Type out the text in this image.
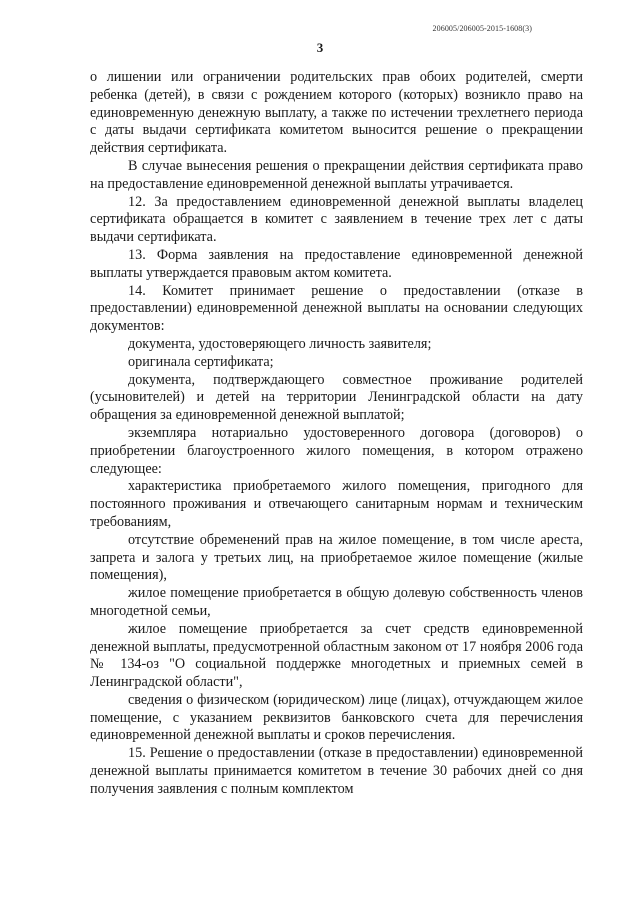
206005/206005-2015-1608(3)
3

о лишении или ограничении родительских прав обоих родителей, смерти ребенка (детей), в связи с рождением которого (которых) возникло право на единовременную денежную выплату, а также по истечении трехлетнего периода с даты выдачи сертификата комитетом выносится решение о прекращении действия сертификата.

В случае вынесения решения о прекращении действия сертификата право на предоставление единовременной денежной выплаты утрачивается.

12. За предоставлением единовременной денежной выплаты владелец сертификата обращается в комитет с заявлением в течение трех лет с даты выдачи сертификата.

13. Форма заявления на предоставление единовременной денежной выплаты утверждается правовым актом комитета.

14. Комитет принимает решение о предоставлении (отказе в предоставлении) единовременной денежной выплаты на основании следующих документов:

документа, удостоверяющего личность заявителя;

оригинала сертификата;

документа, подтверждающего совместное проживание родителей (усыновителей) и детей на территории Ленинградской области на дату обращения за единовременной денежной выплатой;

экземпляра нотариально удостоверенного договора (договоров) о приобретении благоустроенного жилого помещения, в котором отражено следующее:

характеристика приобретаемого жилого помещения, пригодного для постоянного проживания и отвечающего санитарным нормам и техническим требованиям,

отсутствие обременений прав на жилое помещение, в том числе ареста, запрета и залога у третьих лиц, на приобретаемое жилое помещение (жилые помещения),

жилое помещение приобретается в общую долевую собственность членов многодетной семьи,

жилое помещение приобретается за счет средств единовременной денежной выплаты, предусмотренной областным законом от 17 ноября 2006 года № 134-оз "О социальной поддержке многодетных и приемных семей в Ленинградской области",

сведения о физическом (юридическом) лице (лицах), отчуждающем жилое помещение, с указанием реквизитов банковского счета для перечисления единовременной денежной выплаты и сроков перечисления.

15. Решение о предоставлении (отказе в предоставлении) единовременной денежной выплаты принимается комитетом в течение 30 рабочих дней со дня получения заявления с полным комплектом
